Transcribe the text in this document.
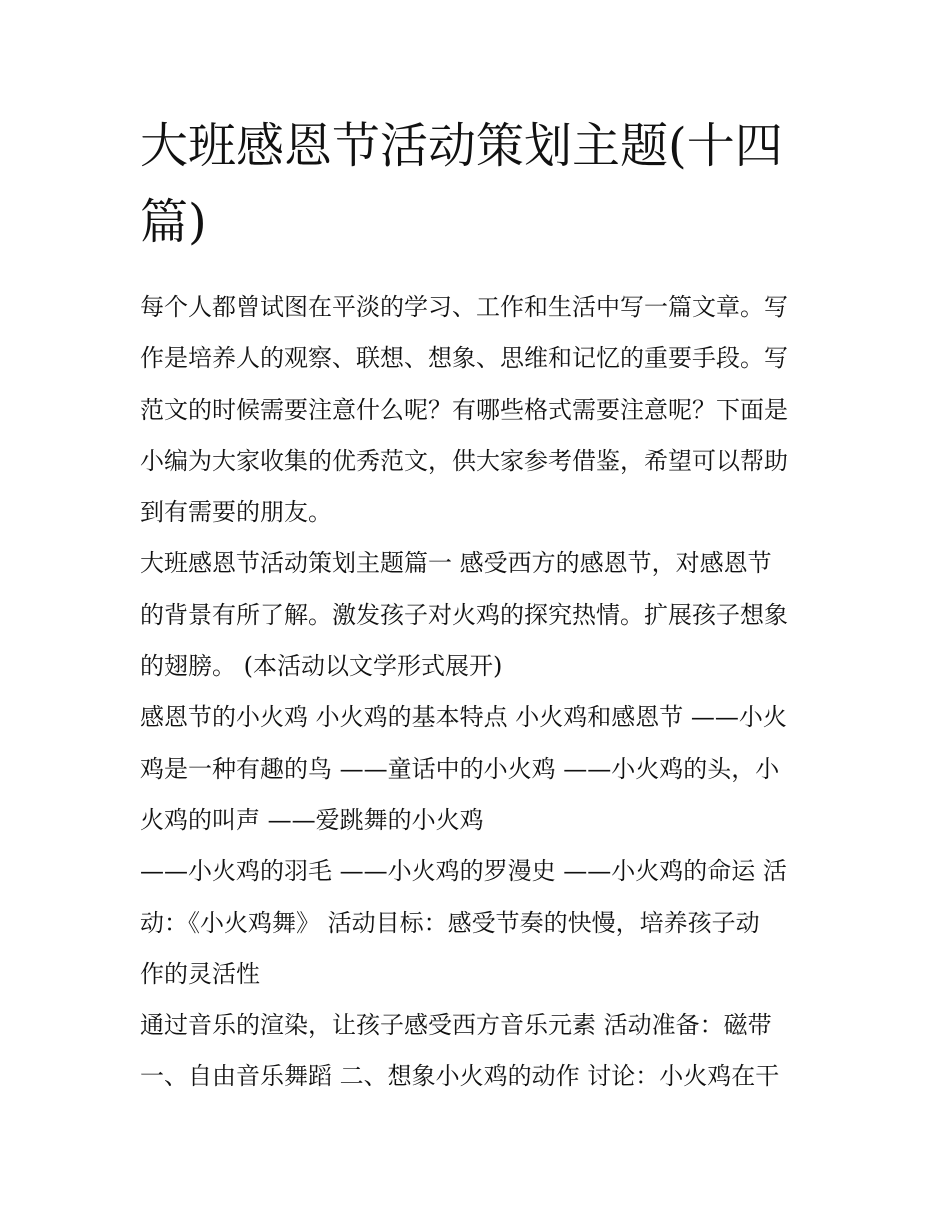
大班感恩节活动策划主题(十四
篇)
每个人都曾试图在平淡的学习、工作和生活中写一篇文章。写
作是培养人的观察、联想、想象、思维和记忆的重要手段。写
范文的时候需要注意什么呢？有哪些格式需要注意呢？下面是
小编为大家收集的优秀范文，供大家参考借鉴，希望可以帮助
到有需要的朋友。
大班感恩节活动策划主题篇一 感受西方的感恩节，对感恩节
的背景有所了解。激发孩子对火鸡的探究热情。扩展孩子想象
的翅膀。 (本活动以文学形式展开)
感恩节的小火鸡 小火鸡的基本特点 小火鸡和感恩节 ——小火
鸡是一种有趣的鸟 ——童话中的小火鸡 ——小火鸡的头，小
火鸡的叫声 ——爱跳舞的小火鸡
——小火鸡的羽毛 ——小火鸡的罗漫史 ——小火鸡的命运 活
动：《小火鸡舞》 活动目标：感受节奏的快慢，培养孩子动
作的灵活性
通过音乐的渲染，让孩子感受西方音乐元素 活动准备：磁带
一、自由音乐舞蹈 二、想象小火鸡的动作 讨论：小火鸡在干
